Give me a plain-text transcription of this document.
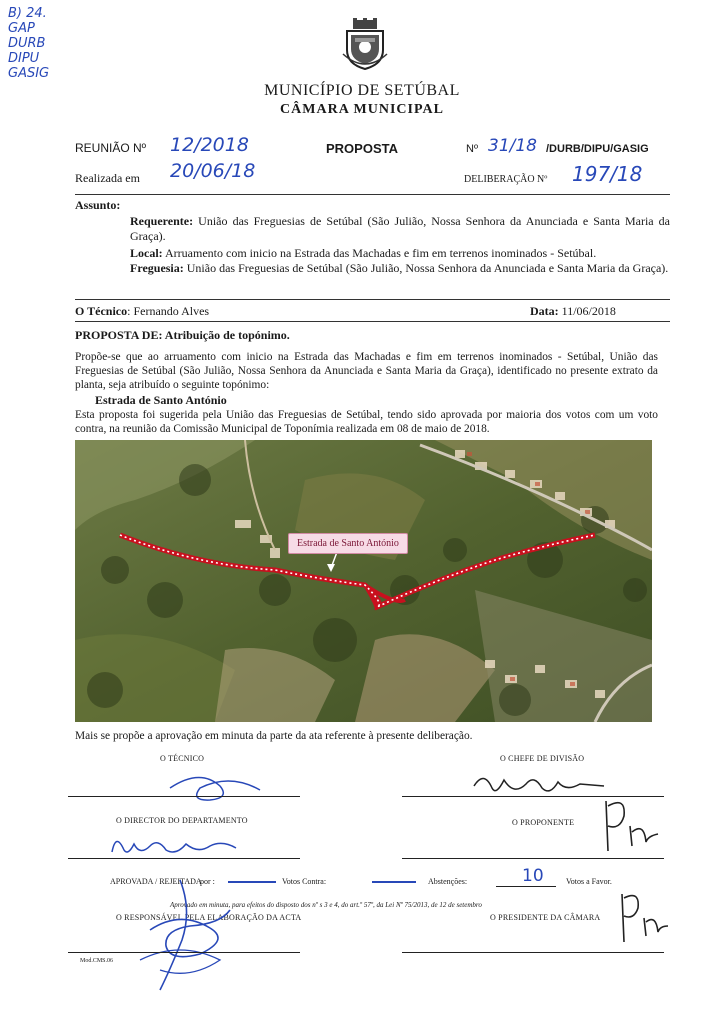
B) 24.
GAP
DURB
DIPU
GASIG
MUNICÍPIO DE SETÚBAL
CÂMARA MUNICIPAL
REUNIÃO Nº 12/2018
Realizada em 20/06/18
PROPOSTA	Nº 31/18 /DURB/DIPU/GASIG
DELIBERAÇÃO Nº 197/18
Assunto:

Requerente: União das Freguesias de Setúbal (São Julião, Nossa Senhora da Anunciada e Santa Maria da Graça).

Local: Arruamento com inicio na Estrada das Machadas e fim em terrenos inominados - Setúbal.

Freguesia: União das Freguesias de Setúbal (São Julião, Nossa Senhora da Anunciada e Santa Maria da Graça).

O Técnico: Fernando Alves	Data: 11/06/2018
PROPOSTA DE: Atribuição de topónimo.
Propõe-se que ao arruamento com inicio na Estrada das Machadas e fim em terrenos inominados - Setúbal, União das Freguesias de Setúbal (São Julião, Nossa Senhora da Anunciada e Santa Maria da Graça), identificado no presente extrato da planta, seja atribuído o seguinte topónimo:
Estrada de Santo António
Esta proposta foi sugerida pela União das Freguesias de Setúbal, tendo sido aprovada por maioria dos votos com um voto contra, na reunião da Comissão Municipal de Toponímia realizada em 08 de maio de 2018.
Estrada de Santo António
Mais se propõe a aprovação em minuta da parte da ata referente à presente deliberação.
O TÉCNICO	O CHEFE DE DIVISÃO
O DIRECTOR DO DEPARTAMENTO	O PROPONENTE
APROVADA / REJEITADA
por :	Votos Contra:	Abstenções:	10	Votos a Favor.
Aprovado em minuta, para efeitos do disposto dos nº s 3 e 4, do art.º 57º, da Lei Nº 75/2013, de 12 de setembro
O RESPONSÁVEL PELA ELABORAÇÃO DA ACTA	O PRESIDENTE DA CÂMARA
Mod.CMS.06
